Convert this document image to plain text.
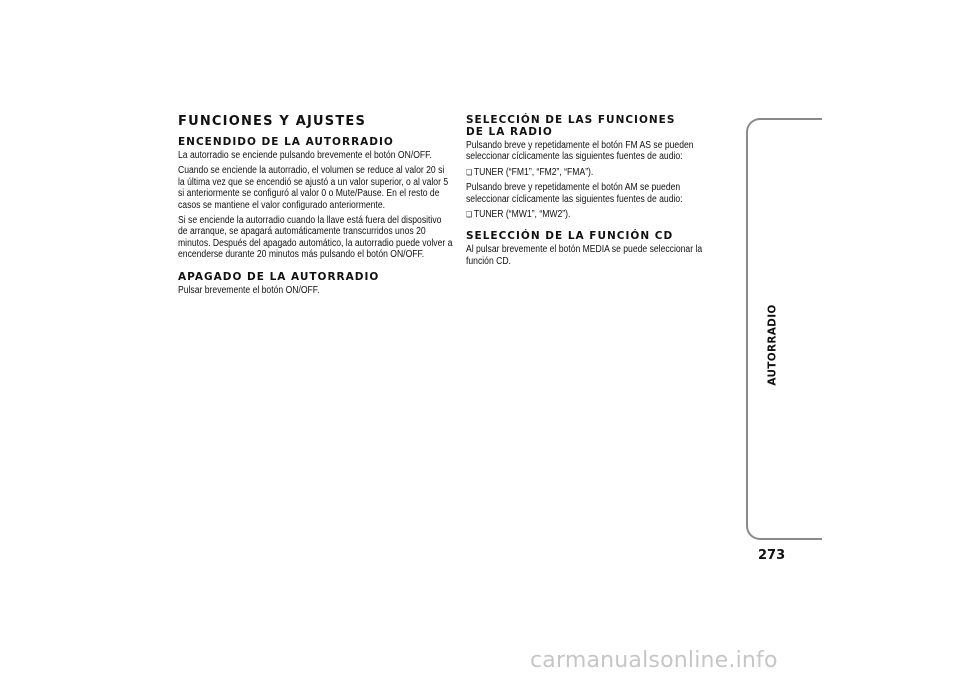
FUNCIONES Y AJUSTES
ENCENDIDO DE LA AUTORRADIO
La autorradio se enciende pulsando brevemente el botón ON/OFF.
Cuando se enciende la autorradio, el volumen se reduce al valor 20 si la última vez que se encendió se ajustó a un valor superior, o al valor 5 si anteriormente se configuró al valor 0 o Mute/Pause. En el resto de casos se mantiene el valor configurado anteriormente.
Si se enciende la autorradio cuando la llave está fuera del dispositivo de arranque, se apagará automáticamente transcurridos unos 20 minutos. Después del apagado automático, la autorradio puede volver a encenderse durante 20 minutos más pulsando el botón ON/OFF.
APAGADO DE LA AUTORRADIO
Pulsar brevemente el botón ON/OFF.
SELECCIÓN DE LAS FUNCIONES
DE LA RADIO
Pulsando breve y repetidamente el botón FM AS se pueden seleccionar cíclicamente las siguientes fuentes de audio:
❏ TUNER (“FM1”, “FM2”, “FMA”).
Pulsando breve y repetidamente el botón AM se pueden seleccionar cíclicamente las siguientes fuentes de audio:
❏ TUNER (“MW1”, “MW2”).
SELECCIÓN DE LA FUNCIÓN CD
Al pulsar brevemente el botón MEDIA se puede seleccionar la función CD.
AUTORRADIO
273
carmanualsonline.info
